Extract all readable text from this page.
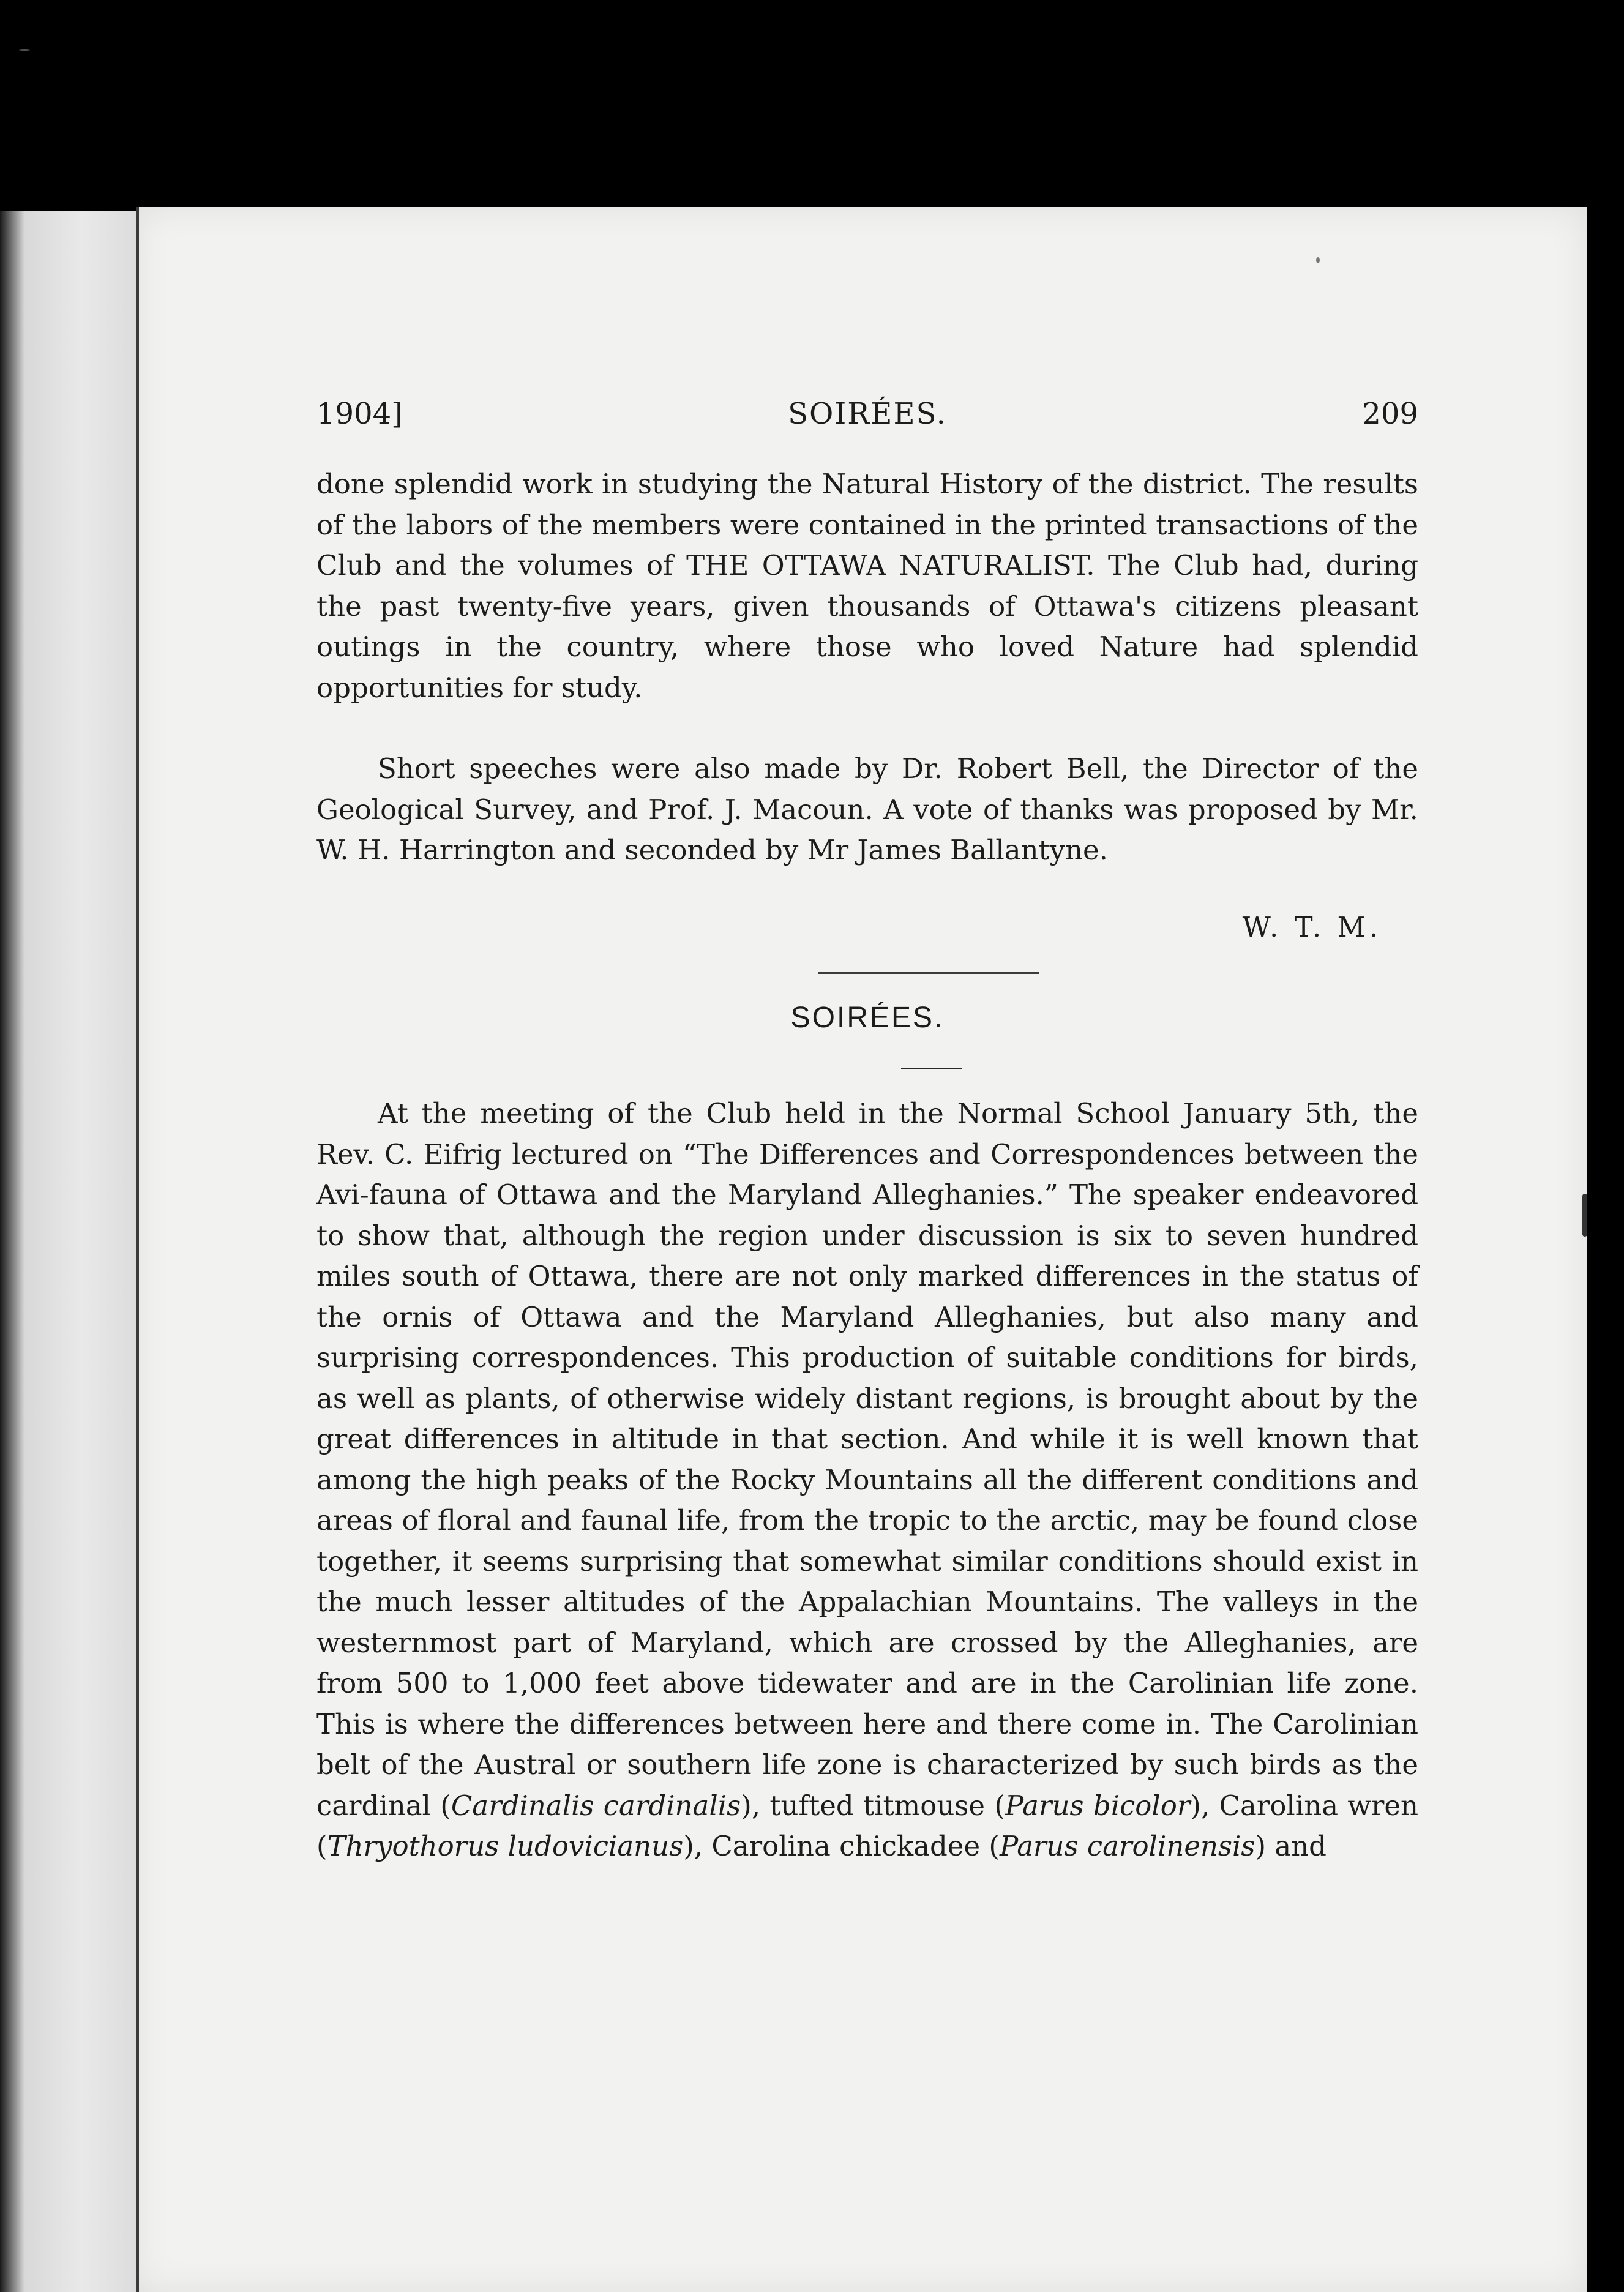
1904]	SOIRÉES.	209

done splendid work in studying the Natural History of the district. The results of the labors of the members were contained in the printed transactions of the Club and the volumes of THE OTTAWA NATURALIST. The Club had, during the past twenty-five years, given thousands of Ottawa's citizens pleasant outings in the country, where those who loved Nature had splendid opportunities for study.

Short speeches were also made by Dr. Robert Bell, the Director of the Geological Survey, and Prof. J. Macoun. A vote of thanks was proposed by Mr. W. H. Harrington and seconded by Mr James Ballantyne.

W. T. M.
SOIRÉES.

At the meeting of the Club held in the Normal School January 5th, the Rev. C. Eifrig lectured on “The Differences and Correspondences between the Avi-fauna of Ottawa and the Maryland Alleghanies.” The speaker endeavored to show that, although the region under discussion is six to seven hundred miles south of Ottawa, there are not only marked differences in the status of the ornis of Ottawa and the Maryland Alleghanies, but also many and surprising correspondences. This production of suitable conditions for birds, as well as plants, of otherwise widely distant regions, is brought about by the great differences in altitude in that section. And while it is well known that among the high peaks of the Rocky Mountains all the different conditions and areas of floral and faunal life, from the tropic to the arctic, may be found close together, it seems surprising that somewhat similar conditions should exist in the much lesser altitudes of the Appalachian Mountains. The valleys in the westernmost part of Maryland, which are crossed by the Alleghanies, are from 500 to 1,000 feet above tidewater and are in the Carolinian life zone. This is where the differences between here and there come in. The Carolinian belt of the Austral or southern life zone is characterized by such birds as the cardinal (Cardinalis cardinalis), tufted titmouse (Parus bicolor), Carolina wren (Thryothorus ludovicianus), Carolina chickadee (Parus carolinensis) and
